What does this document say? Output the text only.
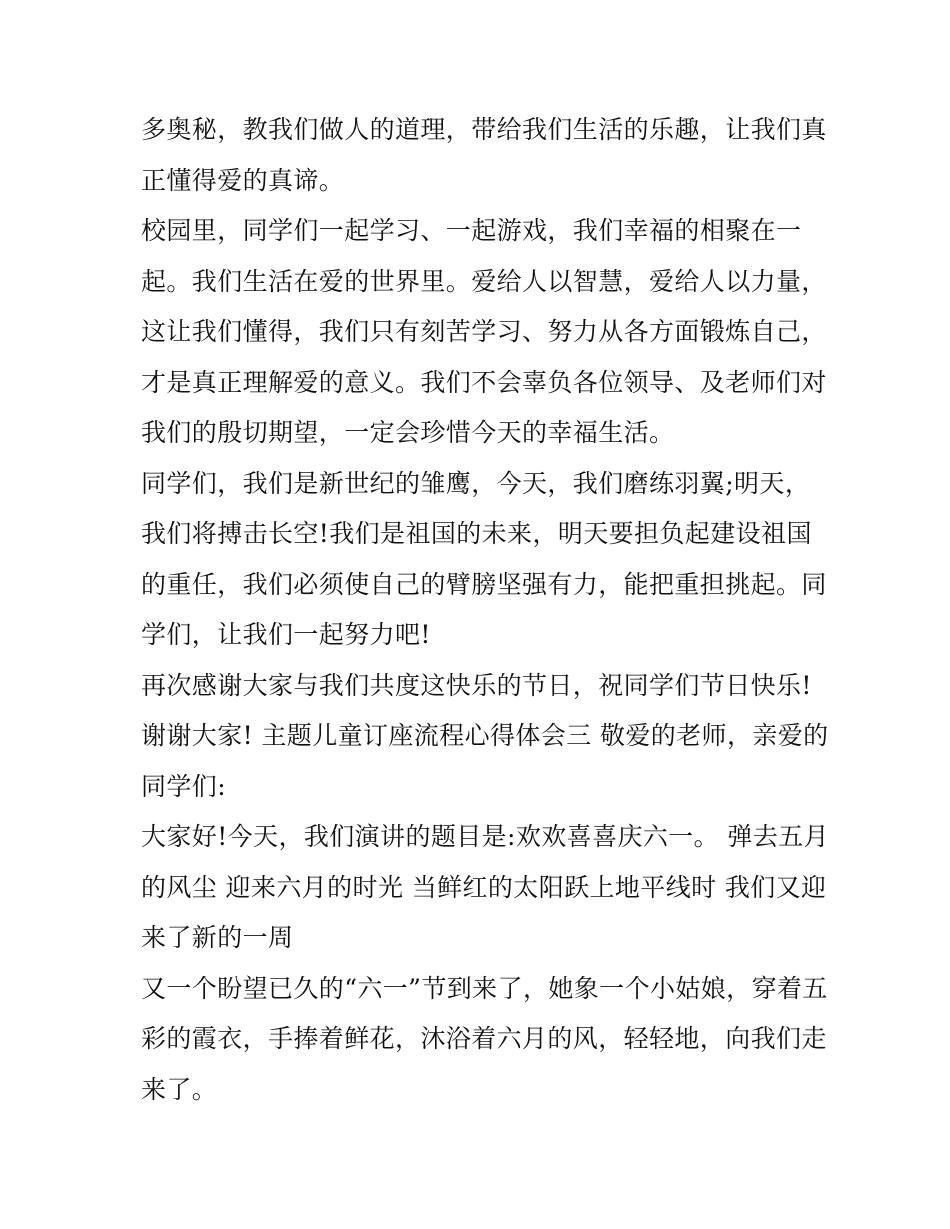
多奥秘，教我们做人的道理，带给我们生活的乐趣，让我们真
正懂得爱的真谛。
校园里，同学们一起学习、一起游戏，我们幸福的相聚在一
起。我们生活在爱的世界里。爱给人以智慧，爱给人以力量，
这让我们懂得，我们只有刻苦学习、努力从各方面锻炼自己，
才是真正理解爱的意义。我们不会辜负各位领导、及老师们对
我们的殷切期望，一定会珍惜今天的幸福生活。
同学们，我们是新世纪的雏鹰，今天，我们磨练羽翼;明天，
我们将搏击长空!我们是祖国的未来，明天要担负起建设祖国
的重任，我们必须使自己的臂膀坚强有力，能把重担挑起。同
学们，让我们一起努力吧!
再次感谢大家与我们共度这快乐的节日，祝同学们节日快乐!
谢谢大家! 主题儿童订座流程心得体会三 敬爱的老师，亲爱的
同学们:
大家好!今天，我们演讲的题目是:欢欢喜喜庆六一。 弹去五月
的风尘 迎来六月的时光 当鲜红的太阳跃上地平线时 我们又迎
来了新的一周
又一个盼望已久的“六一”节到来了，她象一个小姑娘，穿着五
彩的霞衣，手捧着鲜花，沐浴着六月的风，轻轻地，向我们走
来了。
